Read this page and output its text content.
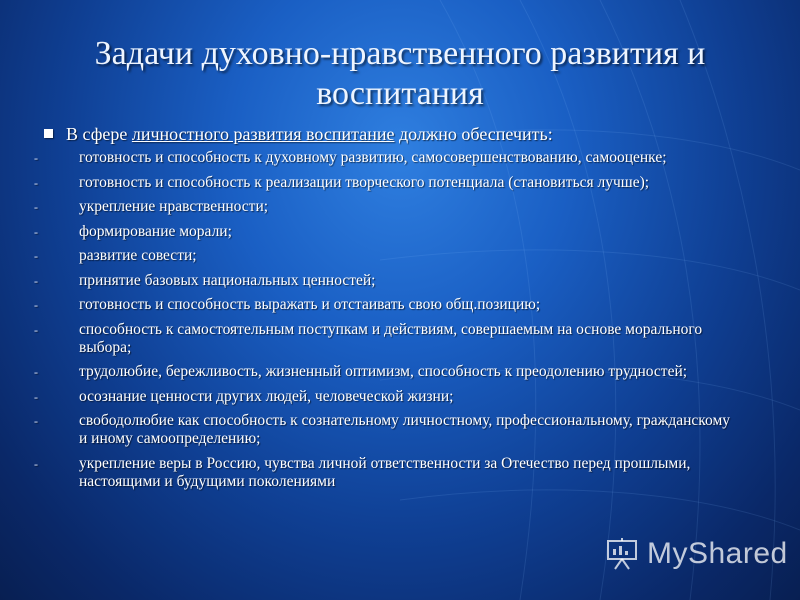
Задачи духовно-нравственного развития и воспитания
В сфере личностного развития воспитание должно обеспечить:
-	готовность и способность к духовному развитию, самосовершенствованию, самооценке;
-	готовность и способность к реализации творческого потенциала (становиться лучше);
-	укрепление нравственности;
-	формирование морали;
-	развитие совести;
-	принятие базовых национальных ценностей;
-	готовность и способность выражать и отстаивать свою общ.позицию;
-	способность к самостоятельным поступкам и действиям, совершаемым на основе морального выбора;
-	трудолюбие, бережливость, жизненный оптимизм, способность к преодолению трудностей;
-	осознание ценности других людей, человеческой жизни;
-	свободолюбие как способность к сознательному личностному, профессиональному, гражданскому и иному самоопределению;
-	укрепление веры в Россию, чувства личной ответственности за Отечество перед прошлыми, настоящими и будущими поколениями
MyShared
